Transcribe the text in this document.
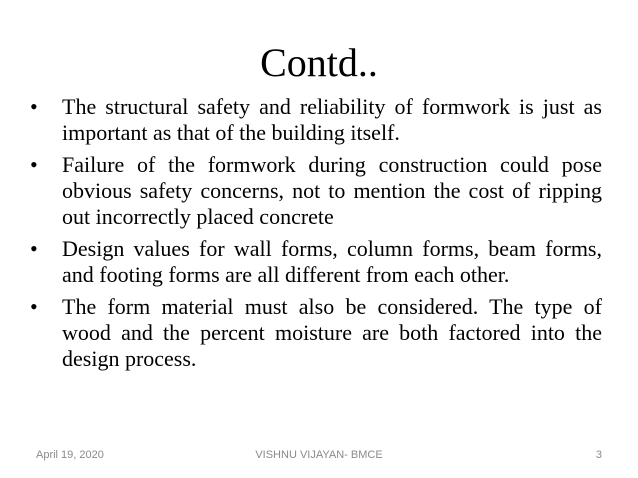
Contd..
• The structural safety and reliability of formwork is just as important as that of the building itself.
• Failure of the formwork during construction could pose obvious safety concerns, not to mention the cost of ripping out incorrectly placed concrete
• Design values for wall forms, column forms, beam forms, and footing forms are all different from each other.
• The form material must also be considered. The type of wood and the percent moisture are both factored into the design process.
April 19, 2020	VISHNU VIJAYAN- BMCE	3
